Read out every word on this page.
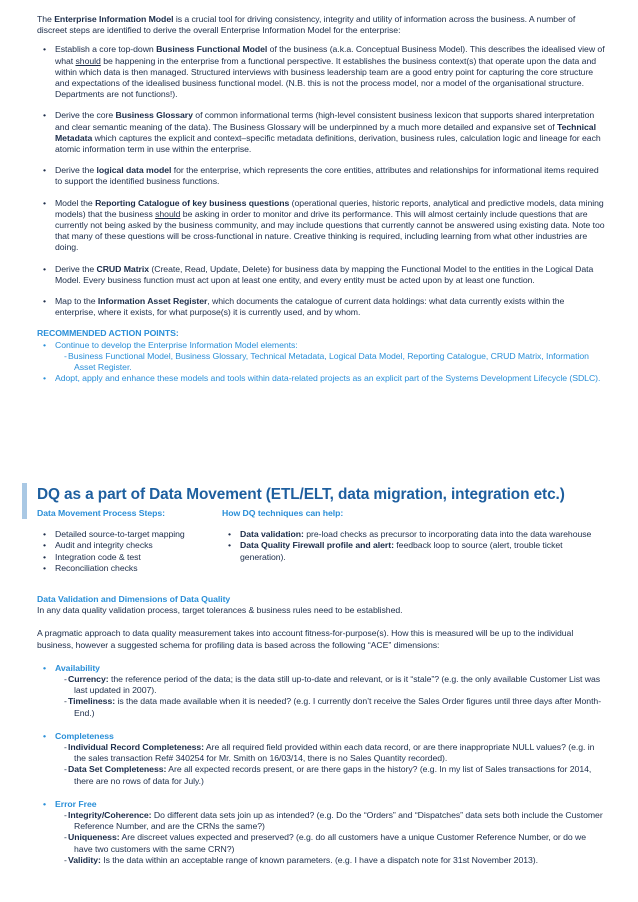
The Enterprise Information Model is a crucial tool for driving consistency, integrity and utility of information across the business. A number of discreet steps are identified to derive the overall Enterprise Information Model for the enterprise:

• Establish a core top-down Business Functional Model of the business (a.k.a. Conceptual Business Model). This describes the idealised view of what should be happening in the enterprise from a functional perspective. It establishes the business context(s) that operate upon the data and within which data is then managed. Structured interviews with business leadership team are a good entry point for capturing the core structure and expectations of the idealised business functional model. (N.B. this is not the process model, nor a model of the organisational structure. Departments are not functions!).
• Derive the core Business Glossary of common informational terms (high-level consistent business lexicon that supports shared interpretation and clear semantic meaning of the data). The Business Glossary will be underpinned by a much more detailed and expansive set of Technical Metadata which captures the explicit and context–specific metadata definitions, derivation, business rules, calculation logic and lineage for each atomic information term in use within the enterprise.
• Derive the logical data model for the enterprise, which represents the core entities, attributes and relationships for informational items required to support the identified business functions.
• Model the Reporting Catalogue of key business questions (operational queries, historic reports, analytical and predictive models, data mining models) that the business should be asking in order to monitor and drive its performance. This will almost certainly include questions that are currently not being asked by the business community, and may include questions that currently cannot be answered using existing data. Note too that many of these questions will be cross-functional in nature. Creative thinking is required, including learning from what other industries are doing.
• Derive the CRUD Matrix (Create, Read, Update, Delete) for business data by mapping the Functional Model to the entities in the Logical Data Model. Every business function must act upon at least one entity, and every entity must be acted upon by at least one function.
• Map to the Information Asset Register, which documents the catalogue of current data holdings: what data currently exists within the enterprise, where it exists, for what purpose(s) it is currently used, and by whom.
RECOMMENDED ACTION POINTS:
• Continue to develop the Enterprise Information Model elements:
- Business Functional Model, Business Glossary, Technical Metadata, Logical Data Model, Reporting Catalogue, CRUD Matrix, Information Asset Register.
• Adopt, apply and enhance these models and tools within data-related projects as an explicit part of the Systems Development Lifecycle (SDLC).
DQ as a part of Data Movement (ETL/ELT, data migration, integration etc.)
Data Movement Process Steps:
• Detailed source-to-target mapping
• Audit and integrity checks
• Integration code & test
• Reconciliation checks
How DQ techniques can help:
• Data validation: pre-load checks as precursor to incorporating data into the data warehouse
• Data Quality Firewall profile and alert: feedback loop to source (alert, trouble ticket generation).
Data Validation and Dimensions of Data Quality

In any data quality validation process, target tolerances & business rules need to be established.

A pragmatic approach to data quality measurement takes into account fitness-for-purpose(s). How this is measured will be up to the individual business, however a suggested schema for profiling data is based across the following “ACE” dimensions:

• Availability
- Currency: the reference period of the data; is the data still up-to-date and relevant, or is it “stale”? (e.g. the only available Customer List was last updated in 2007).
- Timeliness: is the data made available when it is needed? (e.g. I currently don’t receive the Sales Order figures until three days after Month-End.)
• Completeness
- Individual Record Completeness: Are all required field provided within each data record, or are there inappropriate NULL values? (e.g. in the sales transaction Ref# 340254 for Mr. Smith on 16/03/14, there is no Sales Quantity recorded).
- Data Set Completeness: Are all expected records present, or are there gaps in the history? (e.g. In my list of Sales transactions for 2014, there are no rows of data for July.)
• Error Free
- Integrity/Coherence: Do different data sets join up as intended? (e.g. Do the “Orders” and “Dispatches” data sets both include the Customer Reference Number, and are the CRNs the same?)
- Uniqueness: Are discreet values expected and preserved? (e.g. do all customers have a unique Customer Reference Number, or do we have two customers with the same CRN?)
- Validity: Is the data within an acceptable range of known parameters. (e.g. I have a dispatch note for 31st November 2013).
